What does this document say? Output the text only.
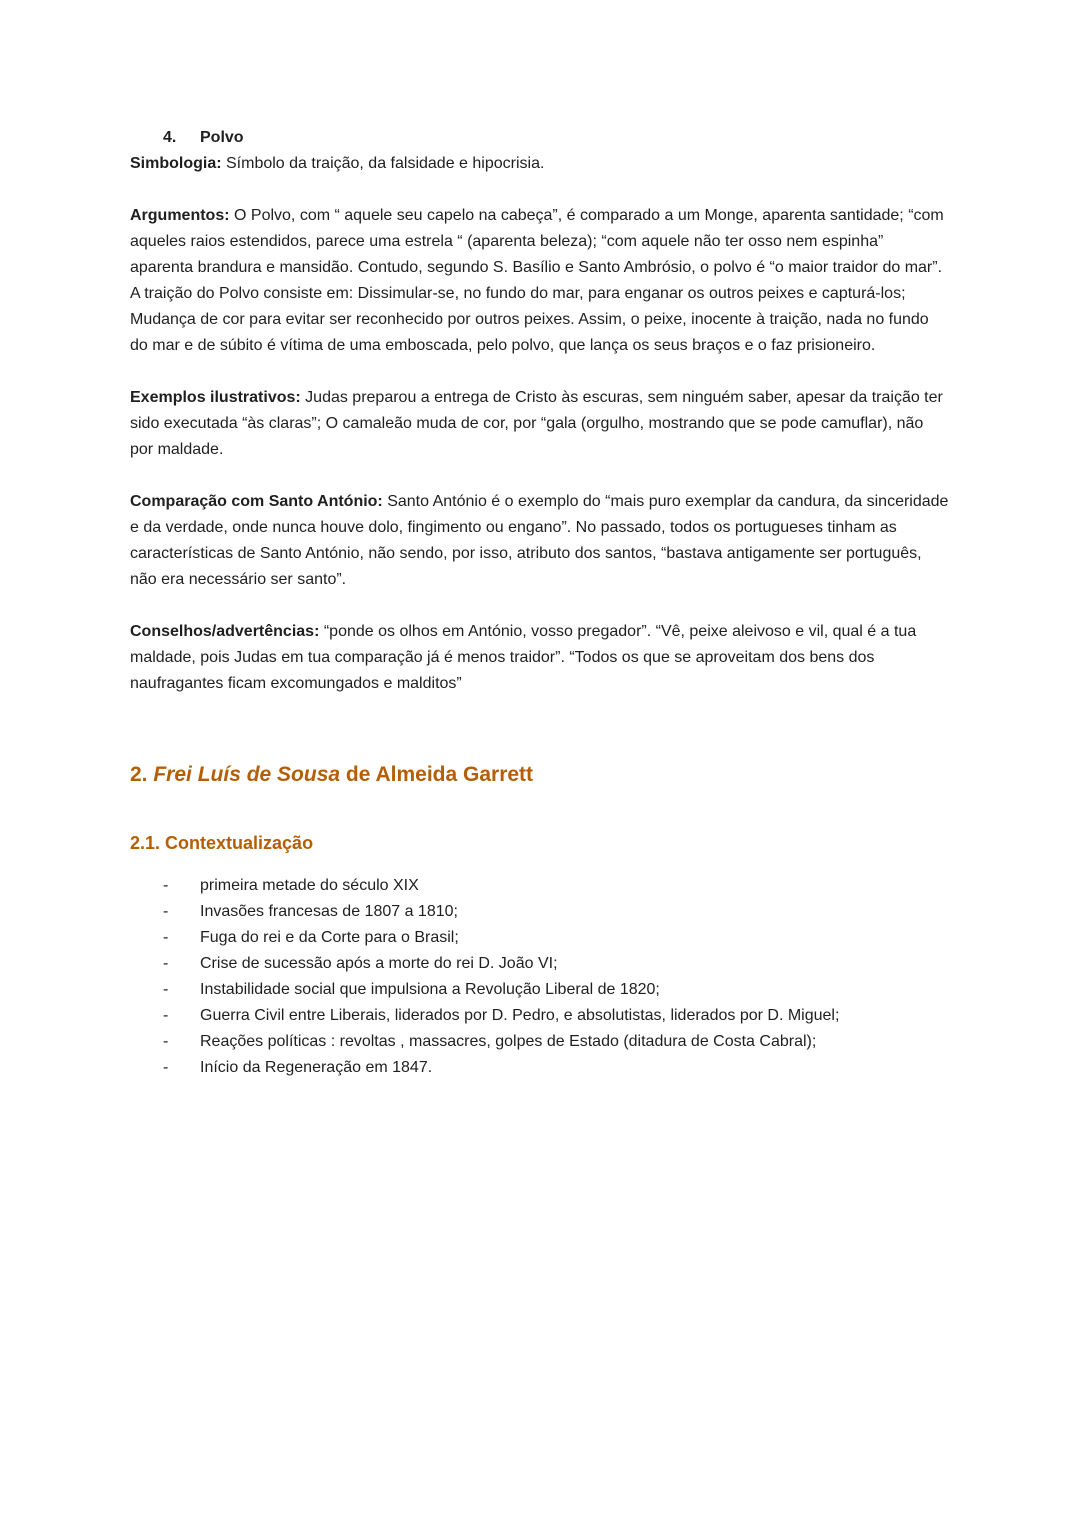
4. Polvo

Simbologia: Símbolo da traição, da falsidade e hipocrisia.

Argumentos: O Polvo, com “ aquele seu capelo na cabeça”, é comparado a um Monge, aparenta santidade; “com aqueles raios estendidos, parece uma estrela “ (aparenta beleza); “com aquele não ter osso nem espinha” aparenta brandura e mansidão. Contudo, segundo S. Basílio e Santo Ambrósio, o polvo é “o maior traidor do mar”. A traição do Polvo consiste em: Dissimular-se, no fundo do mar, para enganar os outros peixes e capturá-los; Mudança de cor para evitar ser reconhecido por outros peixes. Assim, o peixe, inocente à traição, nada no fundo do mar e de súbito é vítima de uma emboscada, pelo polvo, que lança os seus braços e o faz prisioneiro.

Exemplos ilustrativos: Judas preparou a entrega de Cristo às escuras, sem ninguém saber, apesar da traição ter sido executada “às claras”; O camaleão muda de cor, por “gala (orgulho, mostrando que se pode camuflar), não por maldade.

Comparação com Santo António: Santo António é o exemplo do “mais puro exemplar da candura, da sinceridade e da verdade, onde nunca houve dolo, fingimento ou engano”. No passado, todos os portugueses tinham as características de Santo António, não sendo, por isso, atributo dos santos, “bastava antigamente ser português, não era necessário ser santo”.

Conselhos/advertências: “ponde os olhos em António, vosso pregador”. “Vê, peixe aleivoso e vil, qual é a tua maldade, pois Judas em tua comparação já é menos traidor”. “Todos os que se aproveitam dos bens dos naufragantes ficam excomungados e malditos”

2. Frei Luís de Sousa de Almeida Garrett
2.1. Contextualização
- primeira metade do século XIX
- Invasões francesas de 1807 a 1810;
- Fuga do rei e da Corte para o Brasil;
- Crise de sucessão após a morte do rei D. João VI;
- Instabilidade social que impulsiona a Revolução Liberal de 1820;
- Guerra Civil entre Liberais, liderados por D. Pedro, e absolutistas, liderados por D. Miguel;
- Reações políticas : revoltas , massacres, golpes de Estado (ditadura de Costa Cabral);
- Início da Regeneração em 1847.
